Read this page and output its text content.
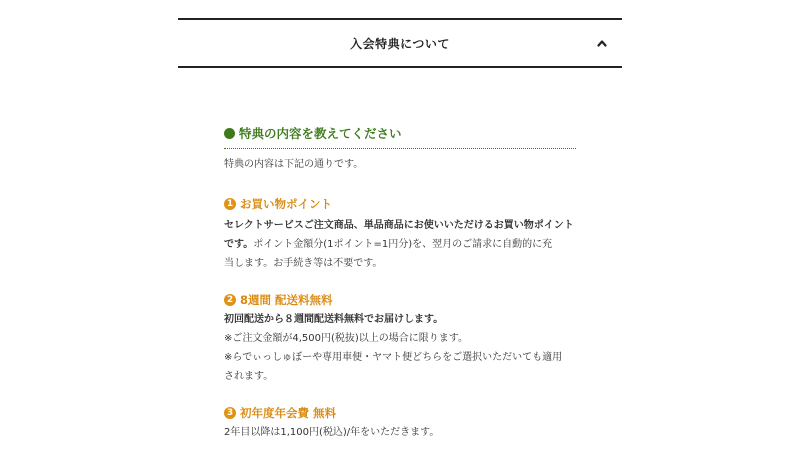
入会特典について
特典の内容を教えてください
特典の内容は下記の通りです。
1 お買い物ポイント

セレクトサービスご注文商品、単品商品にお使いいただけるお買い物ポイント

です。ポイント金額分(1ポイント=1円分)を、翌月のご請求に自動的に充

当します。お手続き等は不要です。

2 8週間 配送料無料

初回配送から８週間配送料無料でお届けします。

※ご注文金額が4,500円(税抜)以上の場合に限ります。

※らでぃっしゅぼーや専用車便・ヤマト便どちらをご選択いただいても適用

されます。

3 初年度年会費 無料

2年目以降は1,100円(税込)/年をいただきます。
